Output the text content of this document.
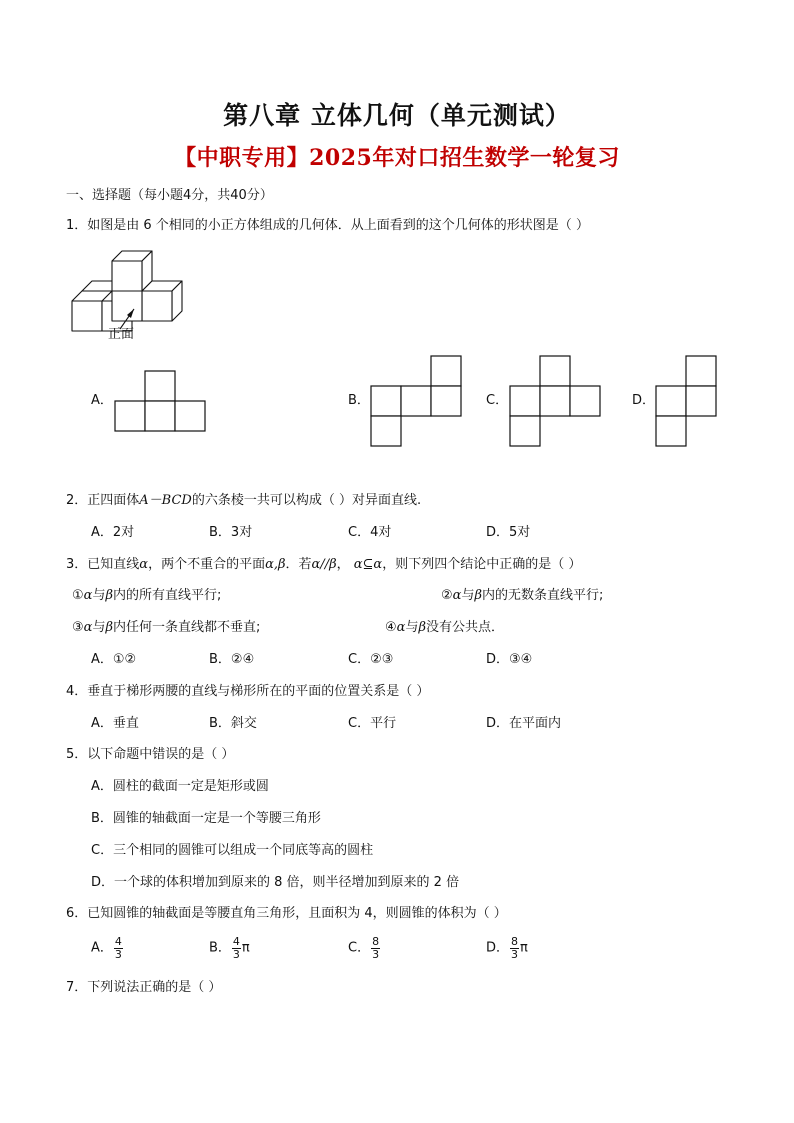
第八章 立体几何（单元测试）
【中职专用】2025年对口招生数学一轮复习
一、选择题（每小题4分，共40分）
1．如图是由 6 个相同的小正方体组成的几何体．从上面看到的这个几何体的形状图是（ ）
正面
A．	B．	C．	D．
2．正四面体A－BCD的六条棱一共可以构成（ ）对异面直线.
A．2对	B．3对	C．4对	D．5对
3．已知直线α，两个不重合的平面α,β．若α//β， α⊆α，则下列四个结论中正确的是（ ）
①α与β内的所有直线平行;	②α与β内的无数条直线平行;
③α与β内任何一条直线都不垂直;	④α与β没有公共点．
A．①②	B．②④	C．②③	D．③④
4．垂直于梯形两腰的直线与梯形所在的平面的位置关系是（ ）
A．垂直	B．斜交	C．平行	D．在平面内
5．以下命题中错误的是（ ）
A．圆柱的截面一定是矩形或圆
B．圆锥的轴截面一定是一个等腰三角形
C．三个相同的圆锥可以组成一个同底等高的圆柱
D．一个球的体积增加到原来的 8 倍，则半径增加到原来的 2 倍
6．已知圆锥的轴截面是等腰直角三角形，且面积为 4，则圆锥的体积为（ ）
A． $\frac{4}{3}$	B． $\frac{4}{3}$ π	C． $\frac{8}{3}$	D． $\frac{8}{3}$ π
7．下列说法正确的是（ ）
